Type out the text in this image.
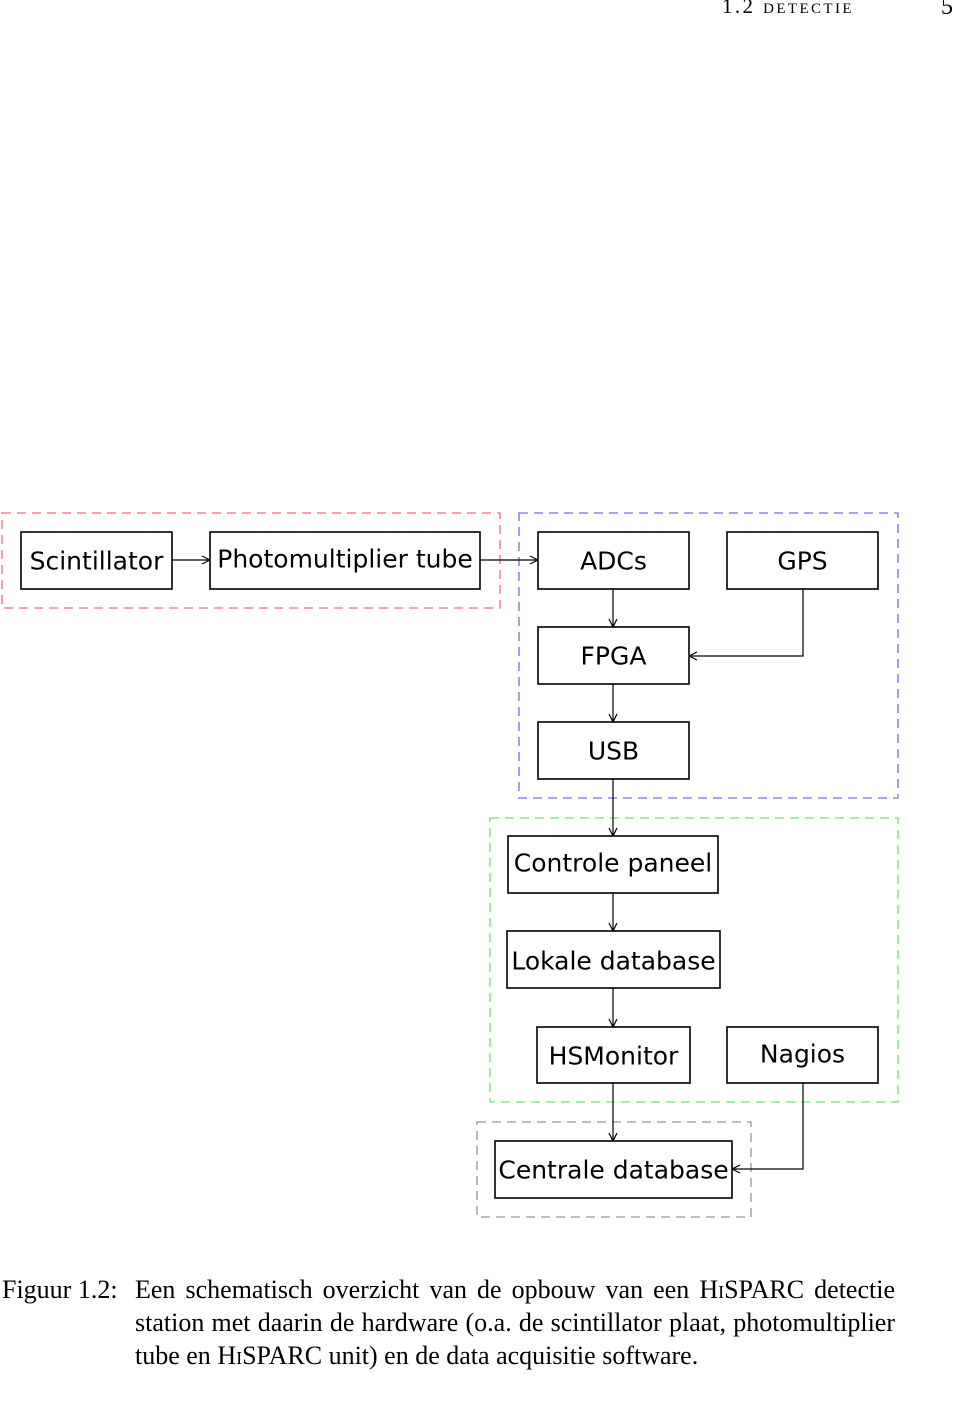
1.2 detectie	5
Scintillator Photomultiplier tube	ADCs	GPS
FPGA
USB
Controle paneel
Lokale database
HSMonitor	Nagios
Centrale database
Figuur 1.2: Een schematisch overzicht van de opbouw van een HiSPARC detectie station met daarin de hardware (o.a. de scintillator plaat, photomultiplier tube en HiSPARC unit) en de data acquisitie software.
